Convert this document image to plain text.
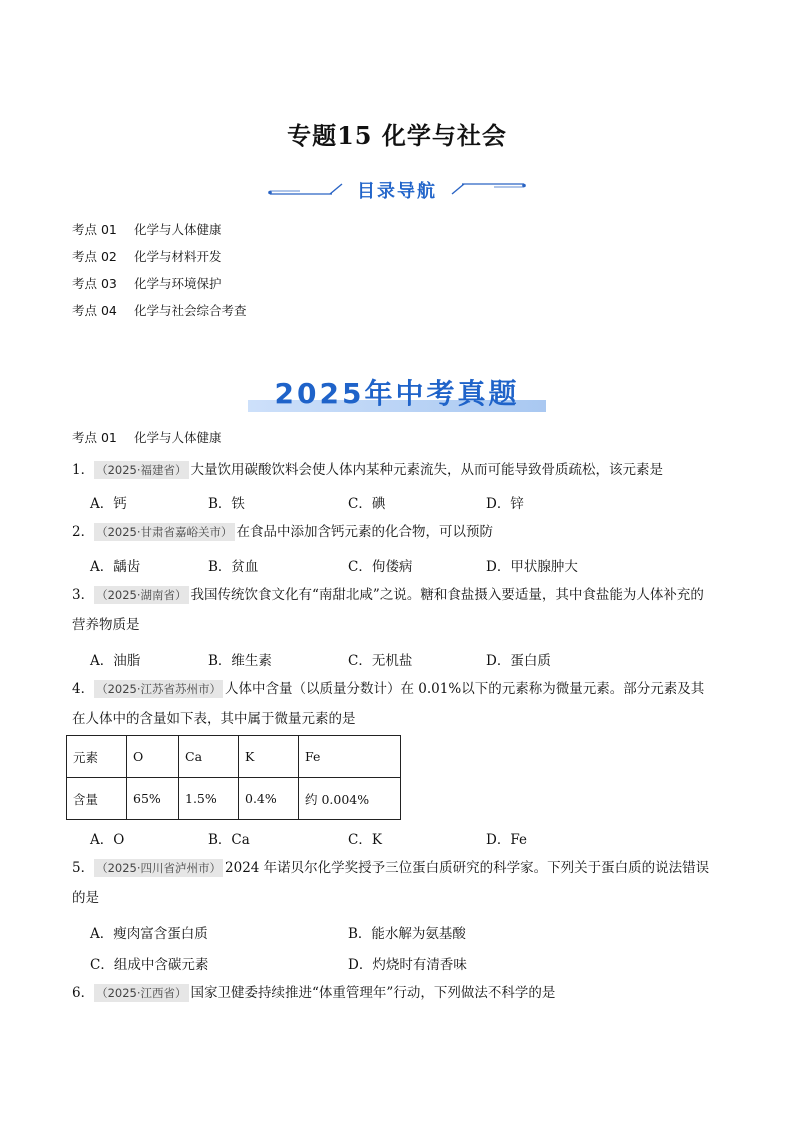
专题15 化学与社会
目录导航
考点 01 化学与人体健康
考点 02 化学与材料开发
考点 03 化学与环境保护
考点 04 化学与社会综合考查
2025年中考真题
考点 01 化学与人体健康
1． （2025·福建省） 大量饮用碳酸饮料会使人体内某种元素流失，从而可能导致骨质疏松，该元素是
A．钙	B．铁	C．碘	D．锌
2． （2025·甘肃省嘉峪关市） 在食品中添加含钙元素的化合物，可以预防
A．龋齿	B．贫血	C．佝偻病	D．甲状腺肿大
3． （2025·湖南省） 我国传统饮食文化有“南甜北咸”之说。糖和食盐摄入要适量，其中食盐能为人体补充的
营养物质是
A．油脂	B．维生素	C．无机盐	D．蛋白质
4． （2025·江苏省苏州市） 人体中含量（以质量分数计）在 0.01%以下的元素称为微量元素。部分元素及其
在人体中的含量如下表，其中属于微量元素的是
元素	O	Ca	K	Fe
含量	65%	1.5%	0.4%	约 0.004%
A．O	B．Ca	C．K	D．Fe
5． （2025·四川省泸州市） 2024 年诺贝尔化学奖授予三位蛋白质研究的科学家。下列关于蛋白质的说法错误
的是
A．瘦肉富含蛋白质	B．能水解为氨基酸
C．组成中含碳元素	D．灼烧时有清香味
6． （2025·江西省） 国家卫健委持续推进“体重管理年”行动，下列做法不科学的是
